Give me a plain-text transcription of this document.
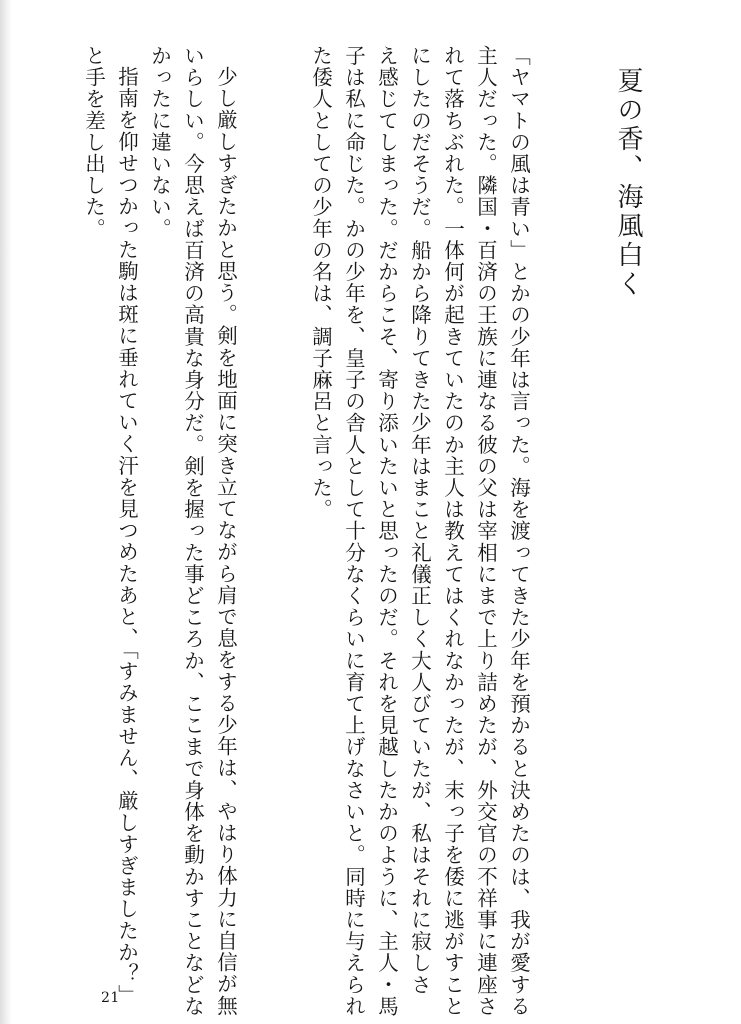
夏の香、海風白く

「ヤマトの風は青い」とかの少年は言った。海を渡ってきた少年を預かると決めたのは、我が愛する

主人だった。隣国・百済の王族に連なる彼の父は宰相にまで上り詰めたが、外交官の不祥事に連座さ

れて落ちぶれた。一体何が起きていたのか主人は教えてはくれなかったが、末っ子を倭に逃がすこと

にしたのだそうだ。船から降りてきた少年はまこと礼儀正しく大人びていたが、私はそれに寂しさ

え感じてしまった。だからこそ、寄り添いたいと思ったのだ。それを見越したかのように、主人・馬

子は私に命じた。かの少年を、皇子の舎人として十分なくらいに育て上げなさいと。同時に与えられ

た倭人としての少年の名は、調子麻呂と言った。

少し厳しすぎたかと思う。剣を地面に突き立てながら肩で息をする少年は、やはり体力に自信が無

いらしい。今思えば百済の高貴な身分だ。剣を握った事どころか、ここまで身体を動かすことなどな

かったに違いない。

指南を仰せつかった駒は斑に垂れていく汗を見つめたあと、「すみません、厳しすぎましたか？」

と手を差し出した。

21
